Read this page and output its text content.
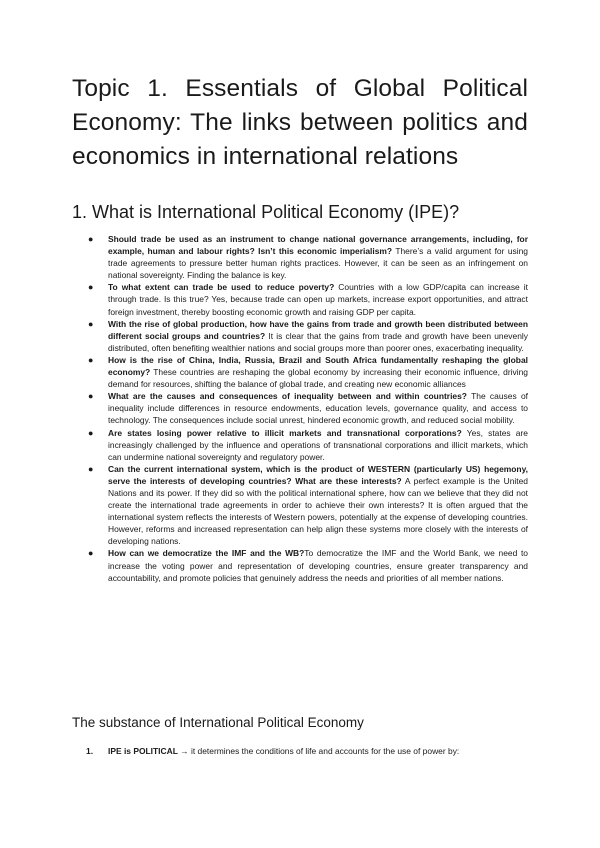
Topic 1. Essentials of Global Political Economy: The links between politics and economics in international relations
1. What is International Political Economy (IPE)?
● Should trade be used as an instrument to change national governance arrangements, including, for example, human and labour rights? Isn’t this economic imperialism? There’s a valid argument for using trade agreements to pressure better human rights practices. However, it can be seen as an infringement on national sovereignty. Finding the balance is key.
● To what extent can trade be used to reduce poverty? Countries with a low GDP/capita can increase it through trade. Is this true? Yes, because trade can open up markets, increase export opportunities, and attract foreign investment, thereby boosting economic growth and raising GDP per capita.
● With the rise of global production, how have the gains from trade and growth been distributed between different social groups and countries? It is clear that the gains from trade and growth have been unevenly distributed, often benefiting wealthier nations and social groups more than poorer ones, exacerbating inequality.
● How is the rise of China, India, Russia, Brazil and South Africa fundamentally reshaping the global economy? These countries are reshaping the global economy by increasing their economic influence, driving demand for resources, shifting the balance of global trade, and creating new economic alliances
● What are the causes and consequences of inequality between and within countries? The causes of inequality include differences in resource endowments, education levels, governance quality, and access to technology. The consequences include social unrest, hindered economic growth, and reduced social mobility.
● Are states losing power relative to illicit markets and transnational corporations? Yes, states are increasingly challenged by the influence and operations of transnational corporations and illicit markets, which can undermine national sovereignty and regulatory power.
● Can the current international system, which is the product of WESTERN (particularly US) hegemony, serve the interests of developing countries? What are these interests? A perfect example is the United Nations and its power. If they did so with the political international sphere, how can we believe that they did not create the international trade agreements in order to achieve their own interests? It is often argued that the international system reflects the interests of Western powers, potentially at the expense of developing countries. However, reforms and increased representation can help align these systems more closely with the interests of developing nations.
● How can we democratize the IMF and the WB?To democratize the IMF and the World Bank, we need to increase the voting power and representation of developing countries, ensure greater transparency and accountability, and promote policies that genuinely address the needs and priorities of all member nations.
The substance of International Political Economy
1. IPE is POLITICAL → it determines the conditions of life and accounts for the use of power by:
